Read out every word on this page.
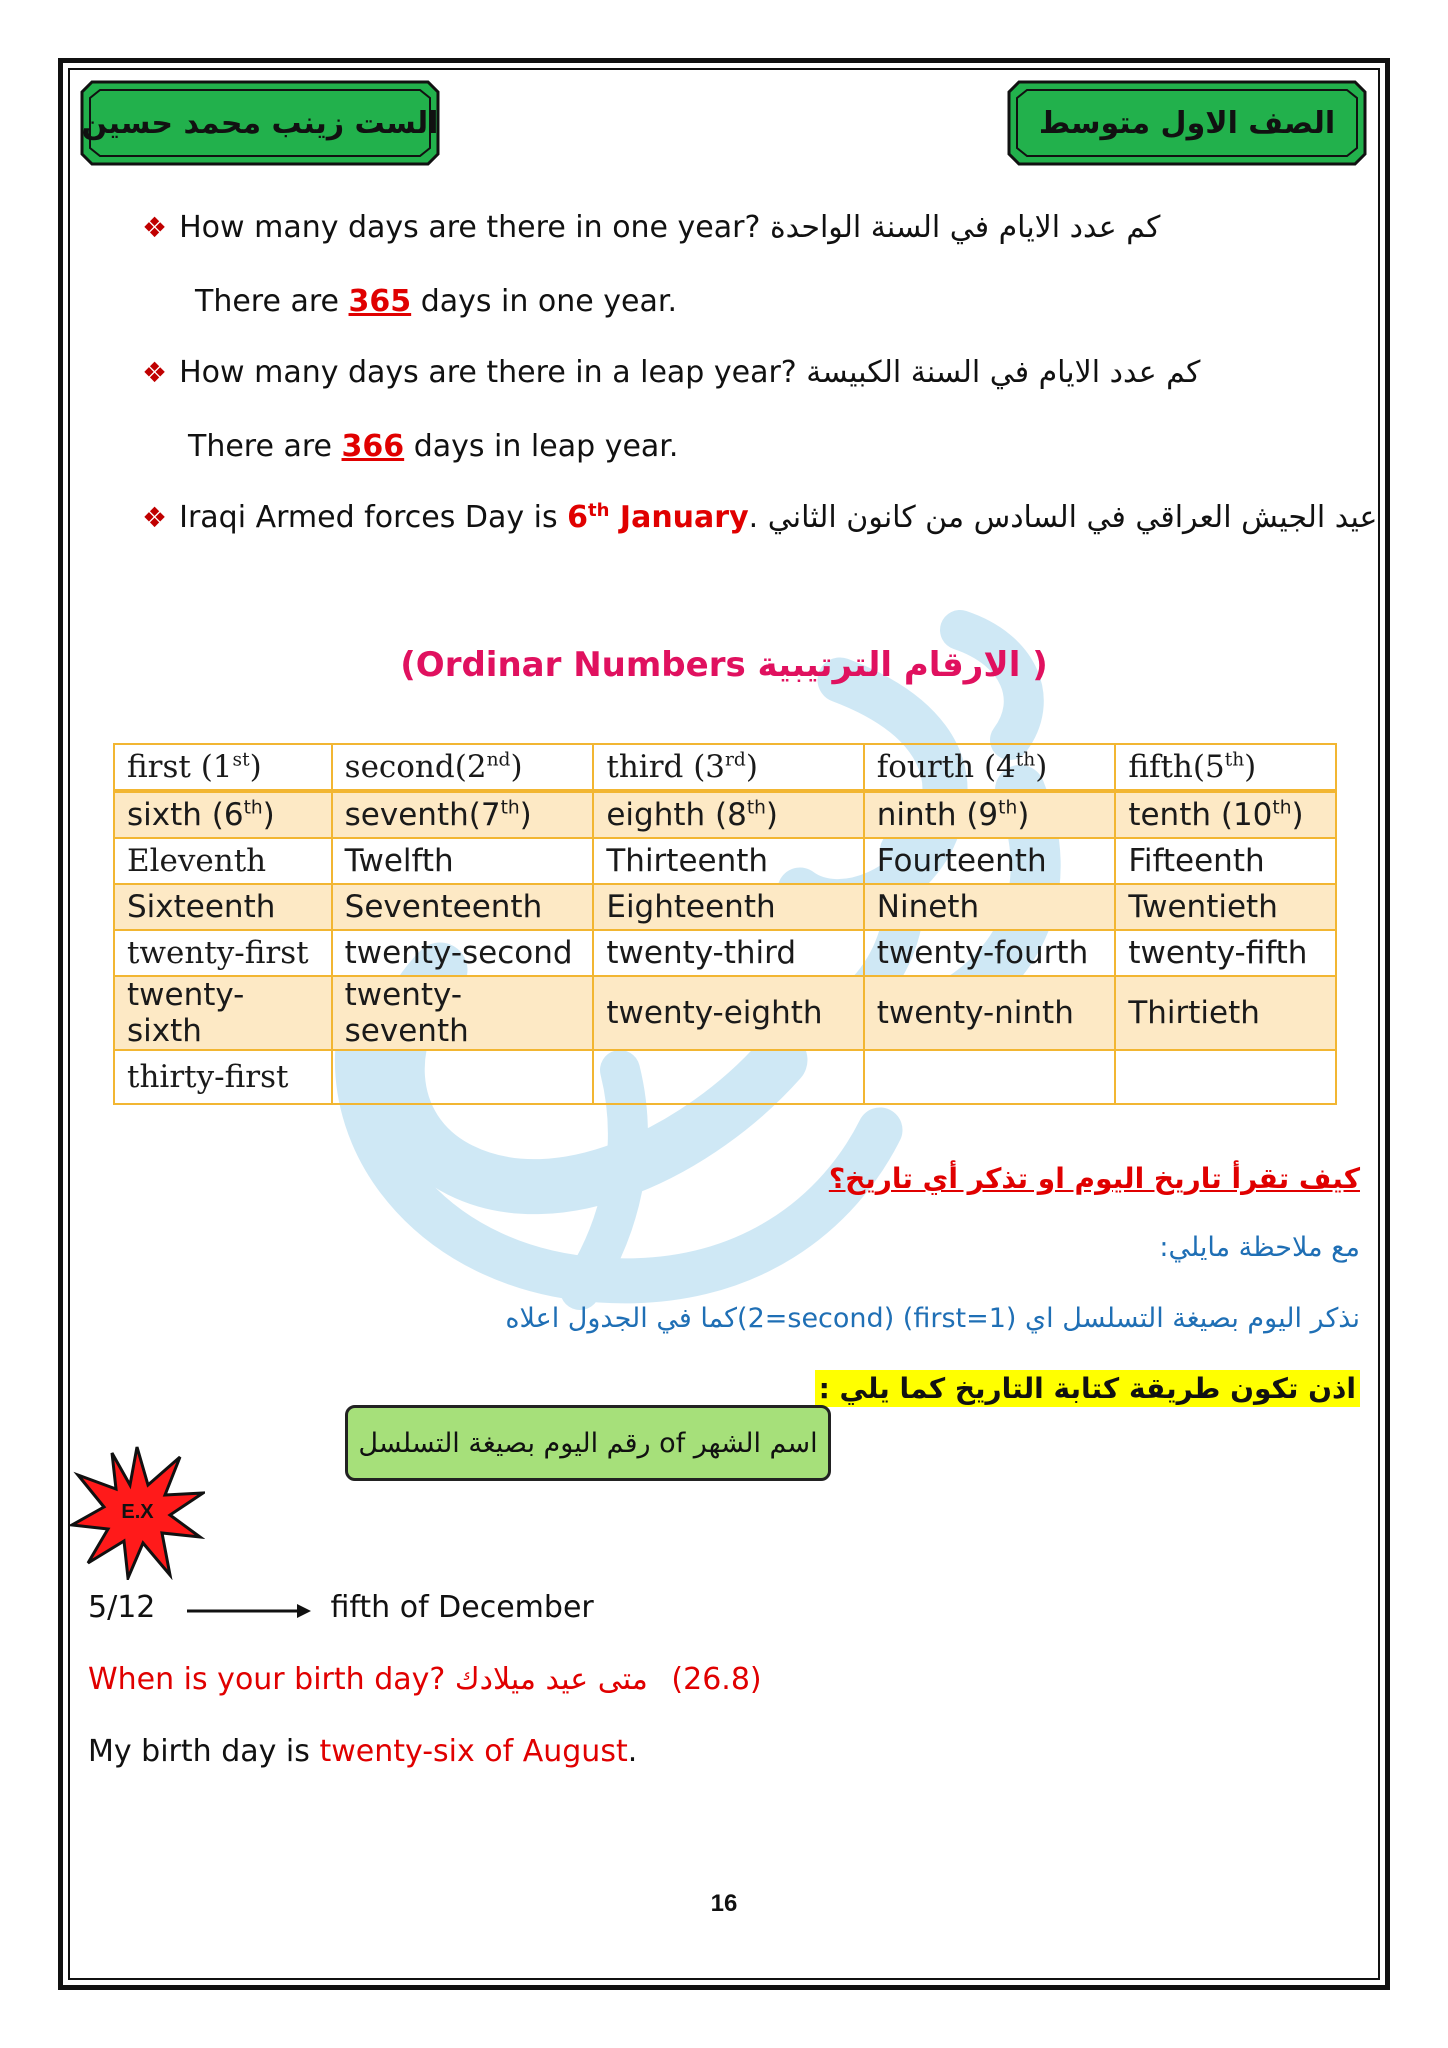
الست زينب محمد حسين	الصف الاول متوسط
❖ How many days are there in one year? كم عدد الايام في السنة الواحدة
There are 365 days in one year.
❖ How many days are there in a leap year? كم عدد الايام في السنة الكبيسة
There are 366 days in leap year.
❖ Iraqi Armed forces Day is 6th January. عيد الجيش العراقي في السادس من كانون الثاني
(Ordinar Numbers الارقام الترتيبية )
first (1st)	second(2nd)	third (3rd)	fourth (4th)	fifth(5th)
sixth (6th)	seventh(7th)	eighth (8th)	ninth (9th)	tenth (10th)
Eleventh	Twelfth	Thirteenth	Fourteenth	Fifteenth
Sixteenth	Seventeenth	Eighteenth	Nineth	Twentieth
twenty-first	twenty-second	twenty-third	twenty-fourth	twenty-fifth
twenty-sixth	twenty-seventh	twenty-eighth	twenty-ninth	Thirtieth
thirty-first				
كيف تقرأ تاريخ اليوم او تذكر أي تاريخ؟
مع ملاحظة مايلي:
نذكر اليوم بصيغة التسلسل اي (1=first) (2=second)كما في الجدول اعلاه
اذن تكون طريقة كتابة التاريخ كما يلي :
اسم الشهر of رقم اليوم بصيغة التسلسل
E.X
5/12	fifth of December
When is your birth day? متى عيد ميلادك (26.8)
My birth day is twenty-six of August.
16
